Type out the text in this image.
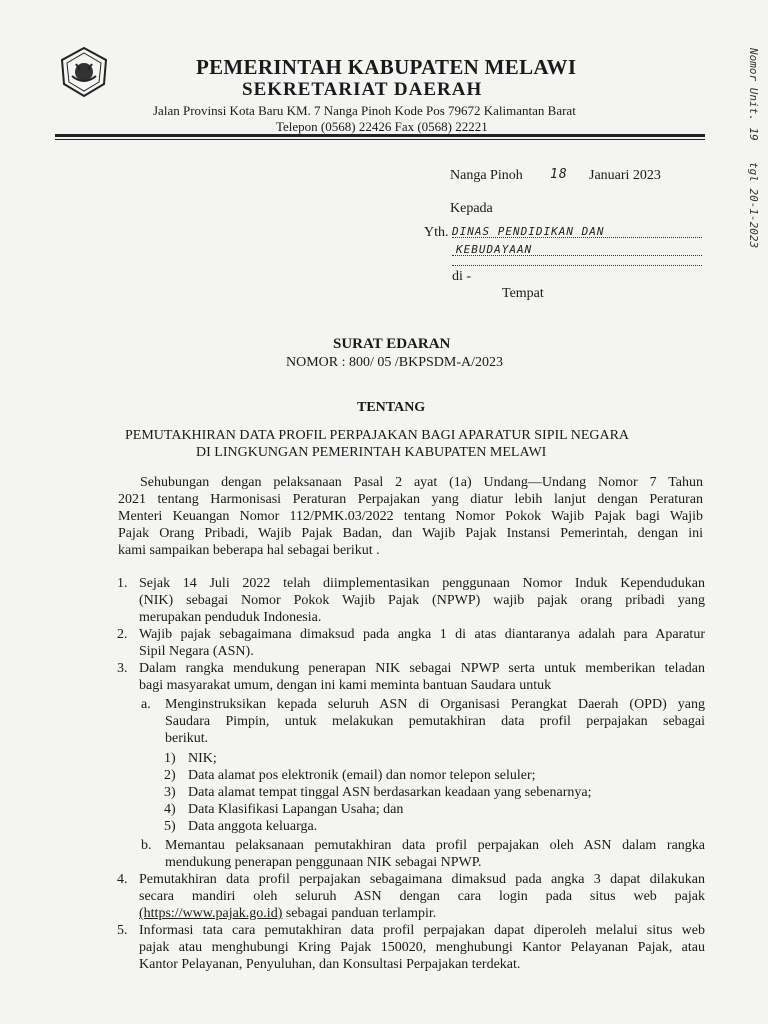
PEMERINTAH KABUPATEN MELAWI
SEKRETARIAT DAERAH
Jalan Provinsi Kota Baru KM. 7 Nanga Pinoh Kode Pos 79672 Kalimantan Barat
Telepon (0568) 22426 Fax (0568) 22221	Nomor Unit. 19
tgl 20-1-2023
Nanga Pinoh 18 Januari 2023
Kepada
Yth. DINAS PENDIDIKAN DAN
KEBUDAYAAN
di -
Tempat
SURAT EDARAN
NOMOR : 800/ 05 /BKPSDM-A/2023
TENTANG
PEMUTAKHIRAN DATA PROFIL PERPAJAKAN BAGI APARATUR SIPIL NEGARA
DI LINGKUNGAN PEMERINTAH KABUPATEN MELAWI
Sehubungan dengan pelaksanaan Pasal 2 ayat (1a) Undang—Undang Nomor 7 Tahun
2021 tentang Harmonisasi Peraturan Perpajakan yang diatur lebih lanjut dengan Peraturan
Menteri Keuangan Nomor 112/PMK.03/2022 tentang Nomor Pokok Wajib Pajak bagi Wajib
Pajak Orang Pribadi, Wajib Pajak Badan, dan Wajib Pajak Instansi Pemerintah, dengan ini
kami sampaikan beberapa hal sebagai berikut .
1. Sejak 14 Juli 2022 telah diimplementasikan penggunaan Nomor Induk Kependudukan
(NIK) sebagai Nomor Pokok Wajib Pajak (NPWP) wajib pajak orang pribadi yang
merupakan penduduk Indonesia.
2. Wajib pajak sebagaimana dimaksud pada angka 1 di atas diantaranya adalah para Aparatur
Sipil Negara (ASN).
3. Dalam rangka mendukung penerapan NIK sebagai NPWP serta untuk memberikan teladan
bagi masyarakat umum, dengan ini kami meminta bantuan Saudara untuk
a. Menginstruksikan kepada seluruh ASN di Organisasi Perangkat Daerah (OPD) yang
Saudara Pimpin, untuk melakukan pemutakhiran data profil perpajakan sebagai
berikut.
1) NIK;
2) Data alamat pos elektronik (email) dan nomor telepon seluler;
3) Data alamat tempat tinggal ASN berdasarkan keadaan yang sebenarnya;
4) Data Klasifikasi Lapangan Usaha; dan
5) Data anggota keluarga.
b. Memantau pelaksanaan pemutakhiran data profil perpajakan oleh ASN dalam rangka
mendukung penerapan penggunaan NIK sebagai NPWP.
4. Pemutakhiran data profil perpajakan sebagaimana dimaksud pada angka 3 dapat dilakukan
secara mandiri oleh seluruh ASN dengan cara login pada situs web pajak
(https://www.pajak.go.id) sebagai panduan terlampir.
5. Informasi tata cara pemutakhiran data profil perpajakan dapat diperoleh melalui situs web
pajak atau menghubungi Kring Pajak 150020, menghubungi Kantor Pelayanan Pajak, atau
Kantor Pelayanan, Penyuluhan, dan Konsultasi Perpajakan terdekat.
